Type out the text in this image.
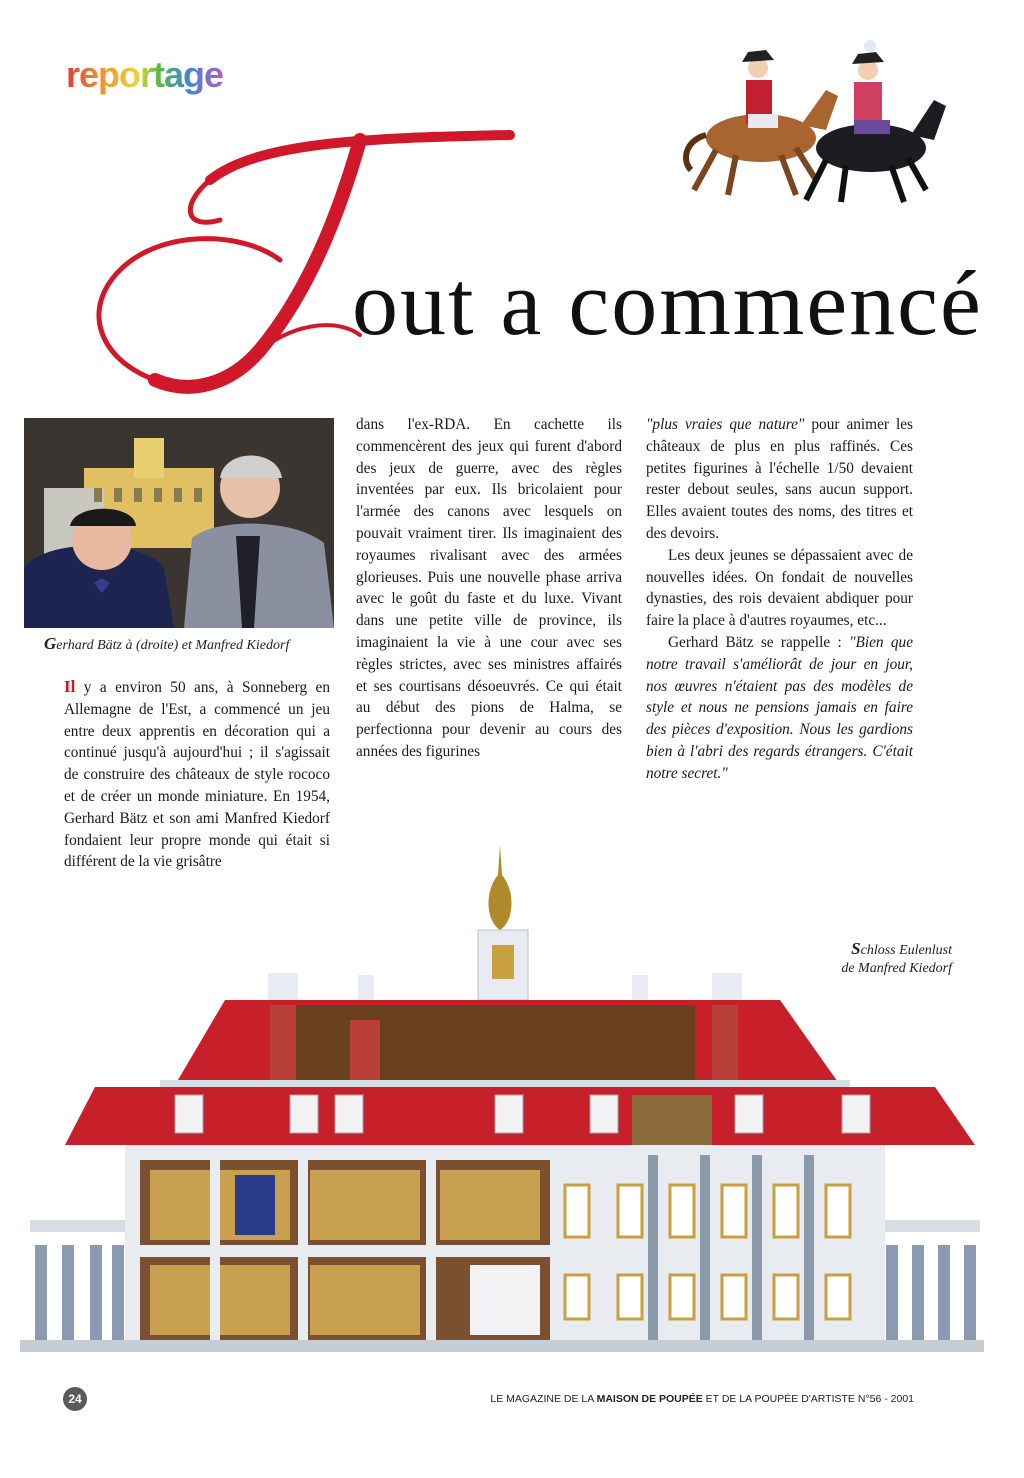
reportage
out a commencé
Gerhard Bätz à (droite) et Manfred Kiedorf

Il y a environ 50 ans, à Sonneberg en Allemagne de l'Est, a commencé un jeu entre deux apprentis en décoration qui a continué jusqu'à aujourd'hui ; il s'agissait de construire des châteaux de style rococo et de créer un monde miniature. En 1954, Gerhard Bätz et son ami Manfred Kiedorf fondaient leur propre monde qui était si différent de la vie grisâtre

dans l'ex-RDA. En cachette ils commencèrent des jeux qui furent d'abord des jeux de guerre, avec des règles inventées par eux. Ils bricolaient pour l'armée des canons avec lesquels on pouvait vraiment tirer. Ils imaginaient des royaumes rivalisant avec des armées glorieuses. Puis une nouvelle phase arriva avec le goût du faste et du luxe. Vivant dans une petite ville de province, ils imaginaient la vie à une cour avec ses règles strictes, avec ses ministres affairés et ses courtisans désoeuvrés. Ce qui était au début des pions de Halma, se perfectionna pour devenir au cours des années des figurines

"plus vraies que nature" pour animer les châteaux de plus en plus raffinés. Ces petites figurines à l'échelle 1/50 devaient rester debout seules, sans aucun support. Elles avaient toutes des noms, des titres et des devoirs.

Les deux jeunes se dépassaient avec de nouvelles idées. On fondait de nouvelles dynasties, des rois devaient abdiquer pour faire la place à d'autres royaumes, etc...

Gerhard Bätz se rappelle : "Bien que notre travail s'améliorât de jour en jour, nos œuvres n'étaient pas des modèles de style et nous ne pensions jamais en faire des pièces d'exposition. Nous les gardions bien à l'abri des regards étrangers. C'était notre secret."

Schloss Eulenlust
de Manfred Kiedorf
24	LE MAGAZINE DE LA MAISON DE POUPÉE ET DE LA POUPÉE D'ARTISTE N°56 - 2001
